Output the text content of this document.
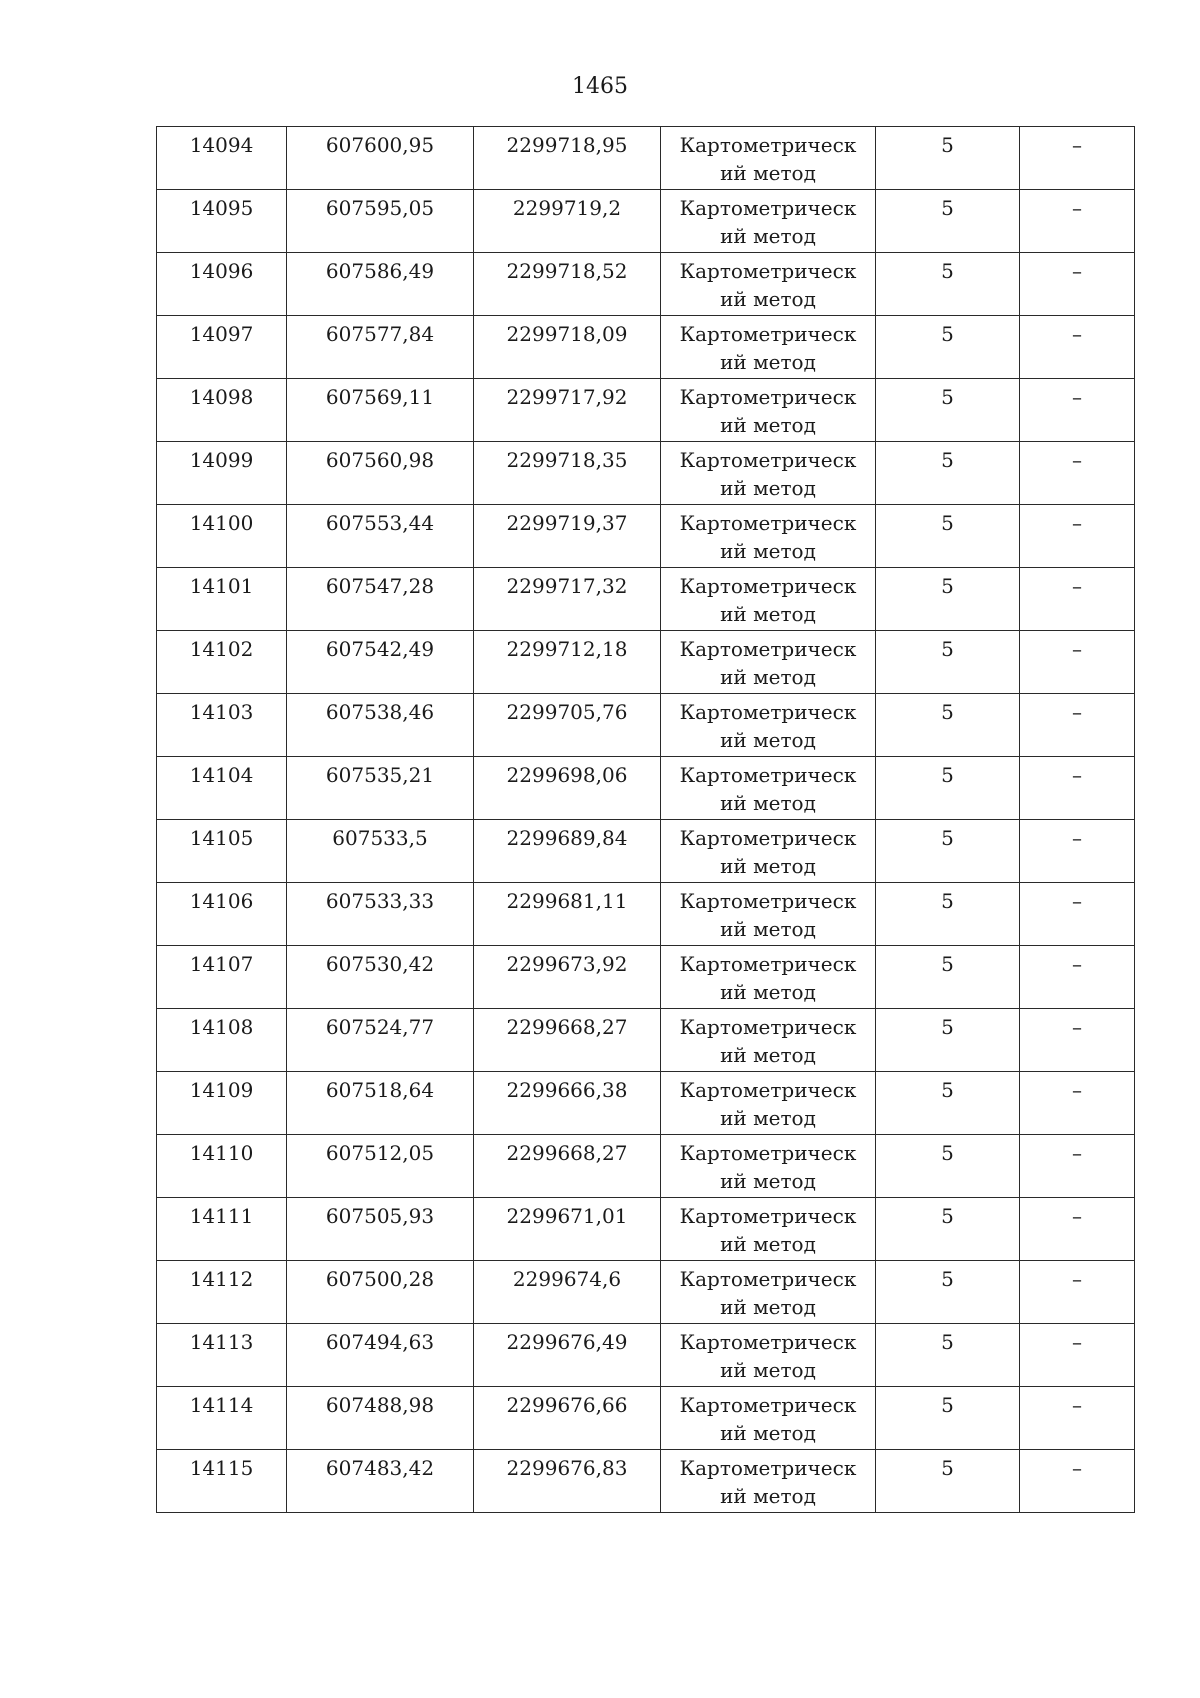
1465
14094	607600,95	2299718,95	Картометрический метод	5	–
14095	607595,05	2299719,2	Картометрический метод	5	–
14096	607586,49	2299718,52	Картометрический метод	5	–
14097	607577,84	2299718,09	Картометрический метод	5	–
14098	607569,11	2299717,92	Картометрический метод	5	–
14099	607560,98	2299718,35	Картометрический метод	5	–
14100	607553,44	2299719,37	Картометрический метод	5	–
14101	607547,28	2299717,32	Картометрический метод	5	–
14102	607542,49	2299712,18	Картометрический метод	5	–
14103	607538,46	2299705,76	Картометрический метод	5	–
14104	607535,21	2299698,06	Картометрический метод	5	–
14105	607533,5	2299689,84	Картометрический метод	5	–
14106	607533,33	2299681,11	Картометрический метод	5	–
14107	607530,42	2299673,92	Картометрический метод	5	–
14108	607524,77	2299668,27	Картометрический метод	5	–
14109	607518,64	2299666,38	Картометрический метод	5	–
14110	607512,05	2299668,27	Картометрический метод	5	–
14111	607505,93	2299671,01	Картометрический метод	5	–
14112	607500,28	2299674,6	Картометрический метод	5	–
14113	607494,63	2299676,49	Картометрический метод	5	–
14114	607488,98	2299676,66	Картометрический метод	5	–
14115	607483,42	2299676,83	Картометрический метод	5	–
